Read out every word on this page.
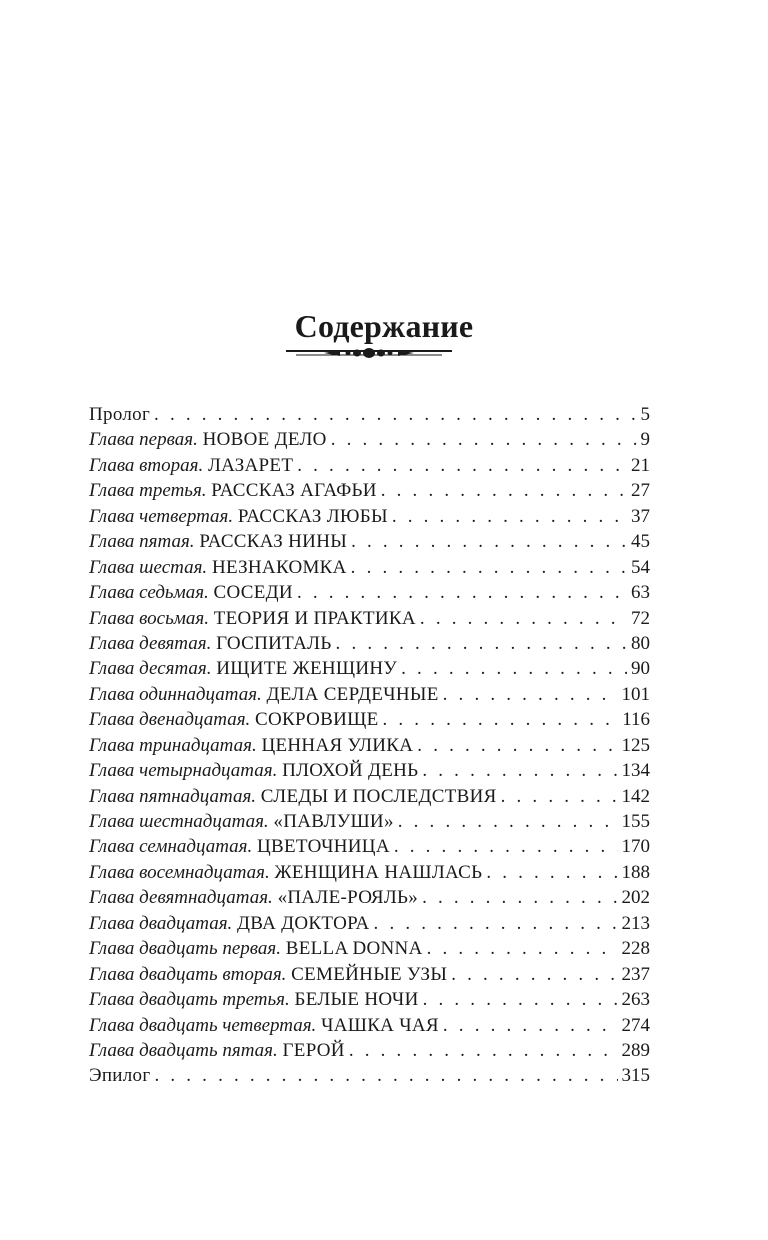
Содержание
Пролог . . .	5
Глава первая. НОВОЕ ДЕЛО . . .	9
Глава вторая. ЛАЗАРЕТ . . .	21
Глава третья. РАССКАЗ АГАФЬИ . . .	27
Глава четвертая. РАССКАЗ ЛЮБЫ . . .	37
Глава пятая. РАССКАЗ НИНЫ . . .	45
Глава шестая. НЕЗНАКОМКА . . .	54
Глава седьмая. СОСЕДИ . . .	63
Глава восьмая. ТЕОРИЯ И ПРАКТИКА . . .	72
Глава девятая. ГОСПИТАЛЬ . . .	80
Глава десятая. ИЩИТЕ ЖЕНЩИНУ . . .	90
Глава одиннадцатая. ДЕЛА СЕРДЕЧНЫЕ . . .	101
Глава двенадцатая. СОКРОВИЩЕ . . .	116
Глава тринадцатая. ЦЕННАЯ УЛИКА . . .	125
Глава четырнадцатая. ПЛОХОЙ ДЕНЬ . . .	134
Глава пятнадцатая. СЛЕДЫ И ПОСЛЕДСТВИЯ . . .	142
Глава шестнадцатая. «ПАВЛУШИ» . . .	155
Глава семнадцатая. ЦВЕТОЧНИЦА . . .	170
Глава восемнадцатая. ЖЕНЩИНА НАШЛАСЬ . . .	188
Глава девятнадцатая. «ПАЛЕ-РОЯЛЬ» . . .	202
Глава двадцатая. ДВА ДОКТОРА . . .	213
Глава двадцать первая. BELLA DONNA . . .	228
Глава двадцать вторая. СЕМЕЙНЫЕ УЗЫ . . .	237
Глава двадцать третья. БЕЛЫЕ НОЧИ . . .	263
Глава двадцать четвертая. ЧАШКА ЧАЯ . . .	274
Глава двадцать пятая. ГЕРОЙ . . .	289
Эпилог . . .	315
